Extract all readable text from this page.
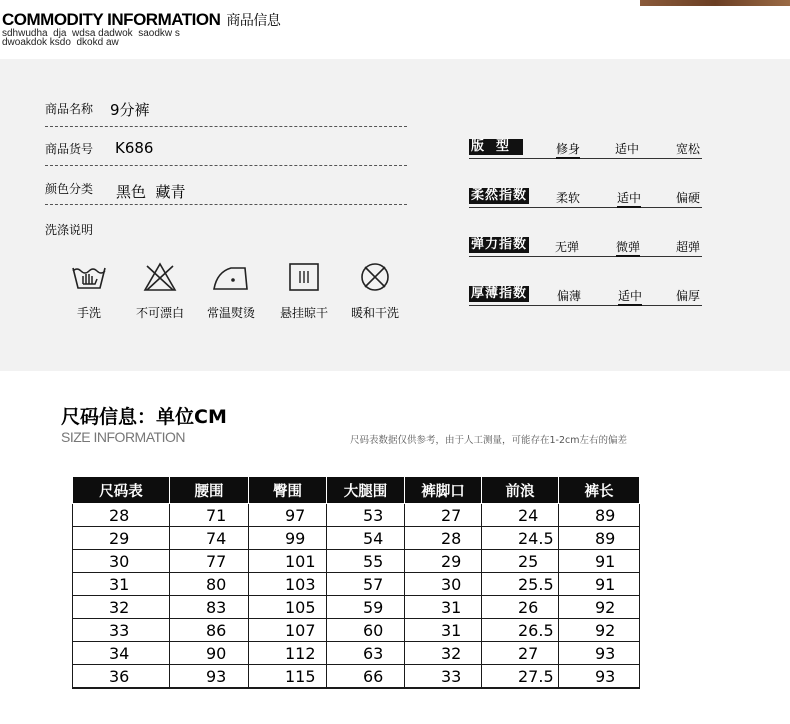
COMMODITY INFORMATION 商品信息
sdhwudha  dja  wdsa dadwok  saodkw s
dwoakdok ksdo  dkokd aw
商品名称 9分裤
商品货号 K686
颜色分类 黑色  藏青
洗涤说明
手洗	不可漂白	常温熨烫	悬挂晾干	暖和干洗
版  型	修身	适中	宽松
柔然指数 柔软	适中	偏硬
弹力指数 无弹	微弹	超弹
厚薄指数 偏薄	适中	偏厚
尺码信息：单位CM
SIZE INFORMATION	尺码表数据仅供参考，由于人工测量，可能存在1-2cm左右的偏差
尺码表	腰围	臀围	大腿围	裤脚口	前浪	裤长
28	71	97	53	27	24	89
29	74	99	54	28	24.5	89
30	77	101	55	29	25	91
31	80	103	57	30	25.5	91
32	83	105	59	31	26	92
33	86	107	60	31	26.5	92
34	90	112	63	32	27	93
36	93	115	66	33	27.5	93
